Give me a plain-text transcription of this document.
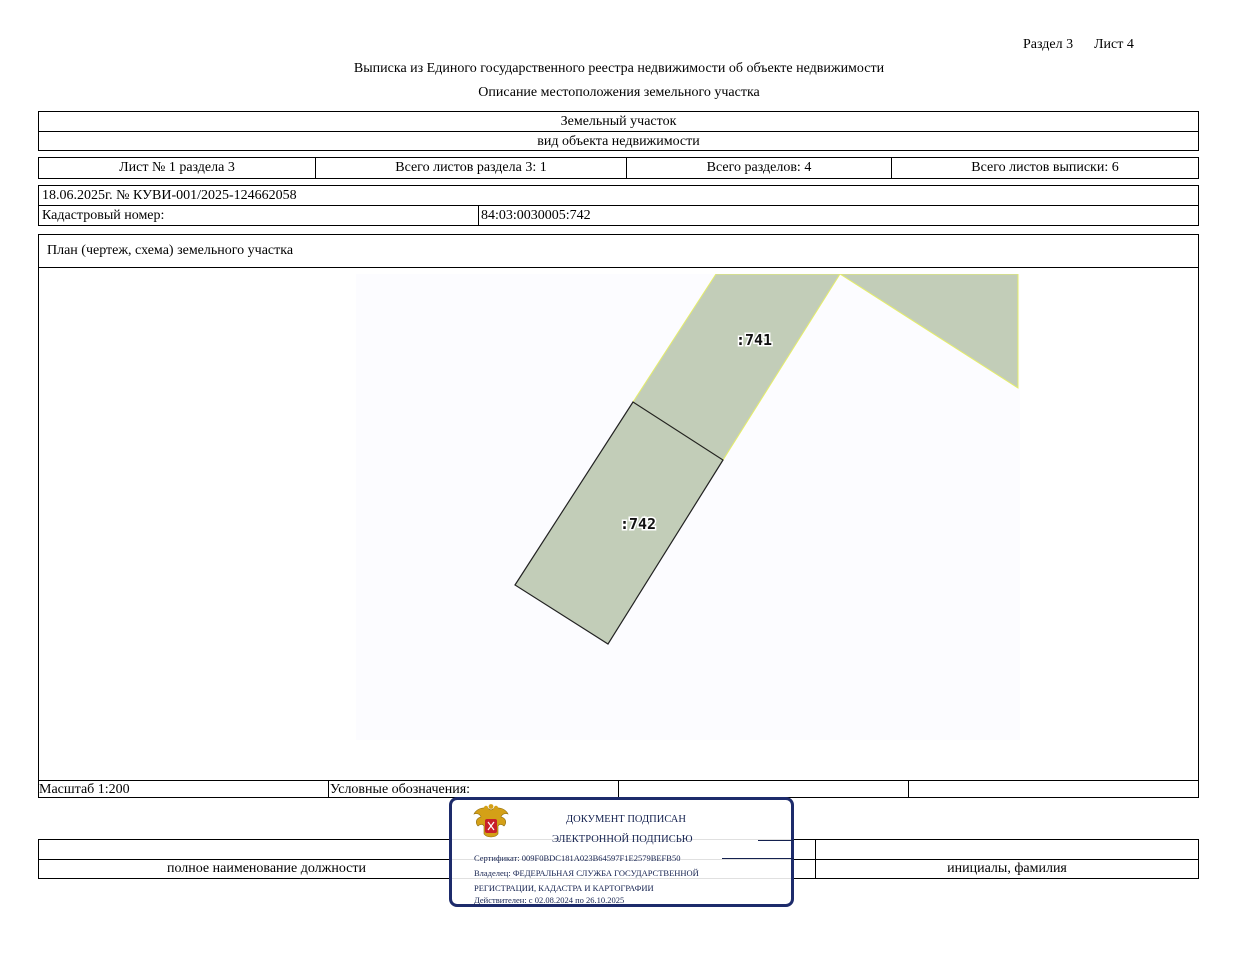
Раздел 3 Лист 4
Выписка из Единого государственного реестра недвижимости об объекте недвижимости
Описание местоположения земельного участка
Земельный участок
вид объекта недвижимости
Лист № 1 раздела 3	Всего листов раздела 3: 1	Всего разделов: 4	Всего листов выписки: 6
18.06.2025г. № КУВИ-001/2025-124662058
Кадастровый номер:	84:03:0030005:742
План (чертеж, схема) земельного участка
Масштаб 1:200	Условные обозначения:
:741
:742
полное наименование должности	инициалы, фамилия
ДОКУМЕНТ ПОДПИСАН
ЭЛЕКТРОННОЙ ПОДПИСЬЮ
Сертификат: 009F0BDC181A023B64597F1E2579BEFB50
Владелец: ФЕДЕРАЛЬНАЯ СЛУЖБА ГОСУДАРСТВЕННОЙ
РЕГИСТРАЦИИ, КАДАСТРА И КАРТОГРАФИИ
Действителен: с 02.08.2024 по 26.10.2025
